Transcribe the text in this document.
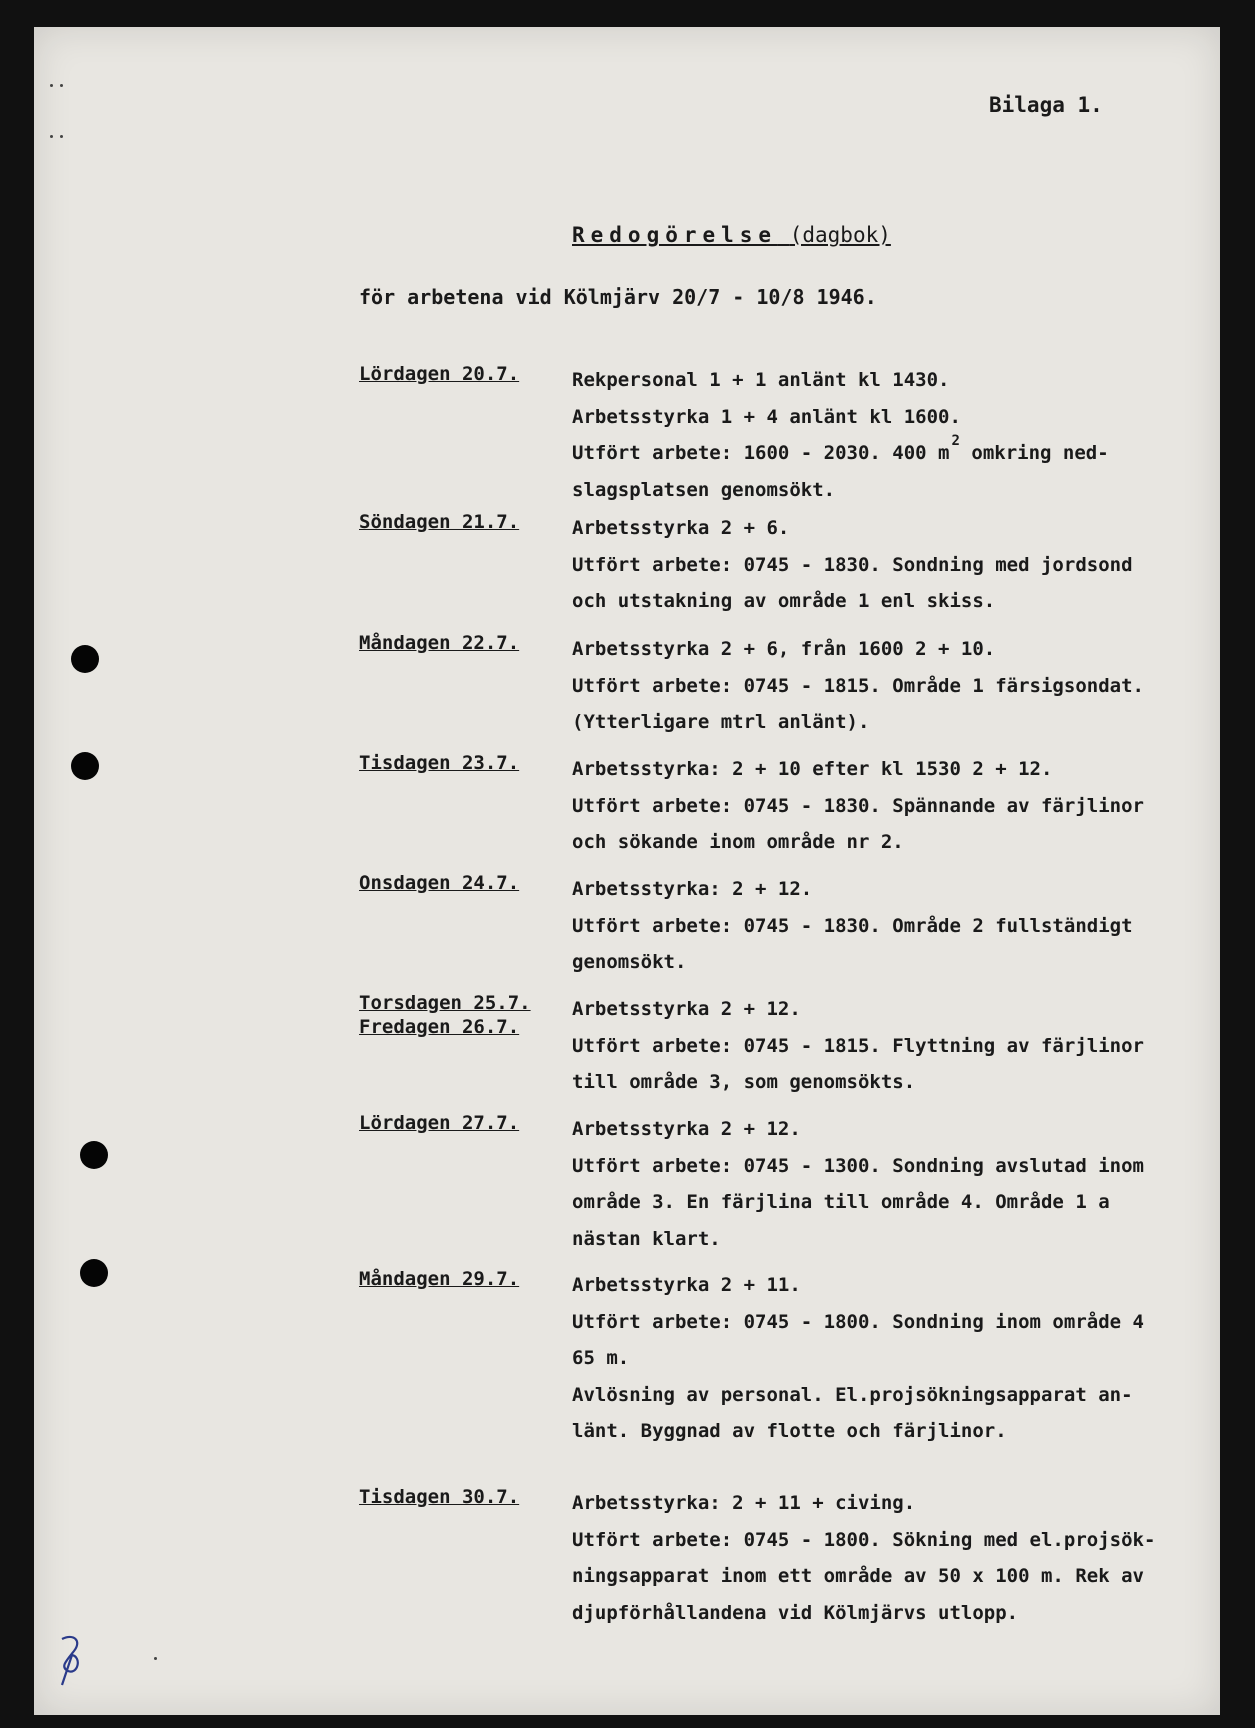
Bilaga 1.
Redogörelse (dagbok)
för arbetena vid Kölmjärv 20/7 - 10/8 1946.
Lördagen 20.7.	Rekpersonal 1 + 1 anlänt kl 1430.
Arbetsstyrka 1 + 4 anlänt kl 1600.
Utfört arbete: 1600 - 2030. 400 $m^2$ omkring ned-
slagsplatsen genomsökt.
Söndagen 21.7.	Arbetsstyrka 2 + 6.
Utfört arbete: 0745 - 1830. Sondning med jordsond
och utstakning av område 1 enl skiss.
Måndagen 22.7.	Arbetsstyrka 2 + 6, från 1600 2 + 10.
Utfört arbete: 0745 - 1815. Område 1 färsigsondat.
(Ytterligare mtrl anlänt).
Tisdagen 23.7.	Arbetsstyrka: 2 + 10 efter kl 1530 2 + 12.
Utfört arbete: 0745 - 1830. Spännande av färjlinor
och sökande inom område nr 2.
Onsdagen 24.7.	Arbetsstyrka: 2 + 12.
Utfört arbete: 0745 - 1830. Område 2 fullständigt
genomsökt.
Torsdagen 25.7.
Fredagen 26.7.
Arbetsstyrka 2 + 12.
Utfört arbete: 0745 - 1815. Flyttning av färjlinor
till område 3, som genomsökts.
Lördagen 27.7.	Arbetsstyrka 2 + 12.
Utfört arbete: 0745 - 1300. Sondning avslutad inom
område 3. En färjlina till område 4. Område 1 a
nästan klart.
Måndagen 29.7.	Arbetsstyrka 2 + 11.
Utfört arbete: 0745 - 1800. Sondning inom område 4
65 m.
Avlösning av personal. El.projsökningsapparat an-
länt. Byggnad av flotte och färjlinor.
Tisdagen 30.7.	Arbetsstyrka: 2 + 11 + civing.
Utfört arbete: 0745 - 1800. Sökning med el.projsök-
ningsapparat inom ett område av 50 x 100 m. Rek av
djupförhållandena vid Kölmjärvs utlopp.
